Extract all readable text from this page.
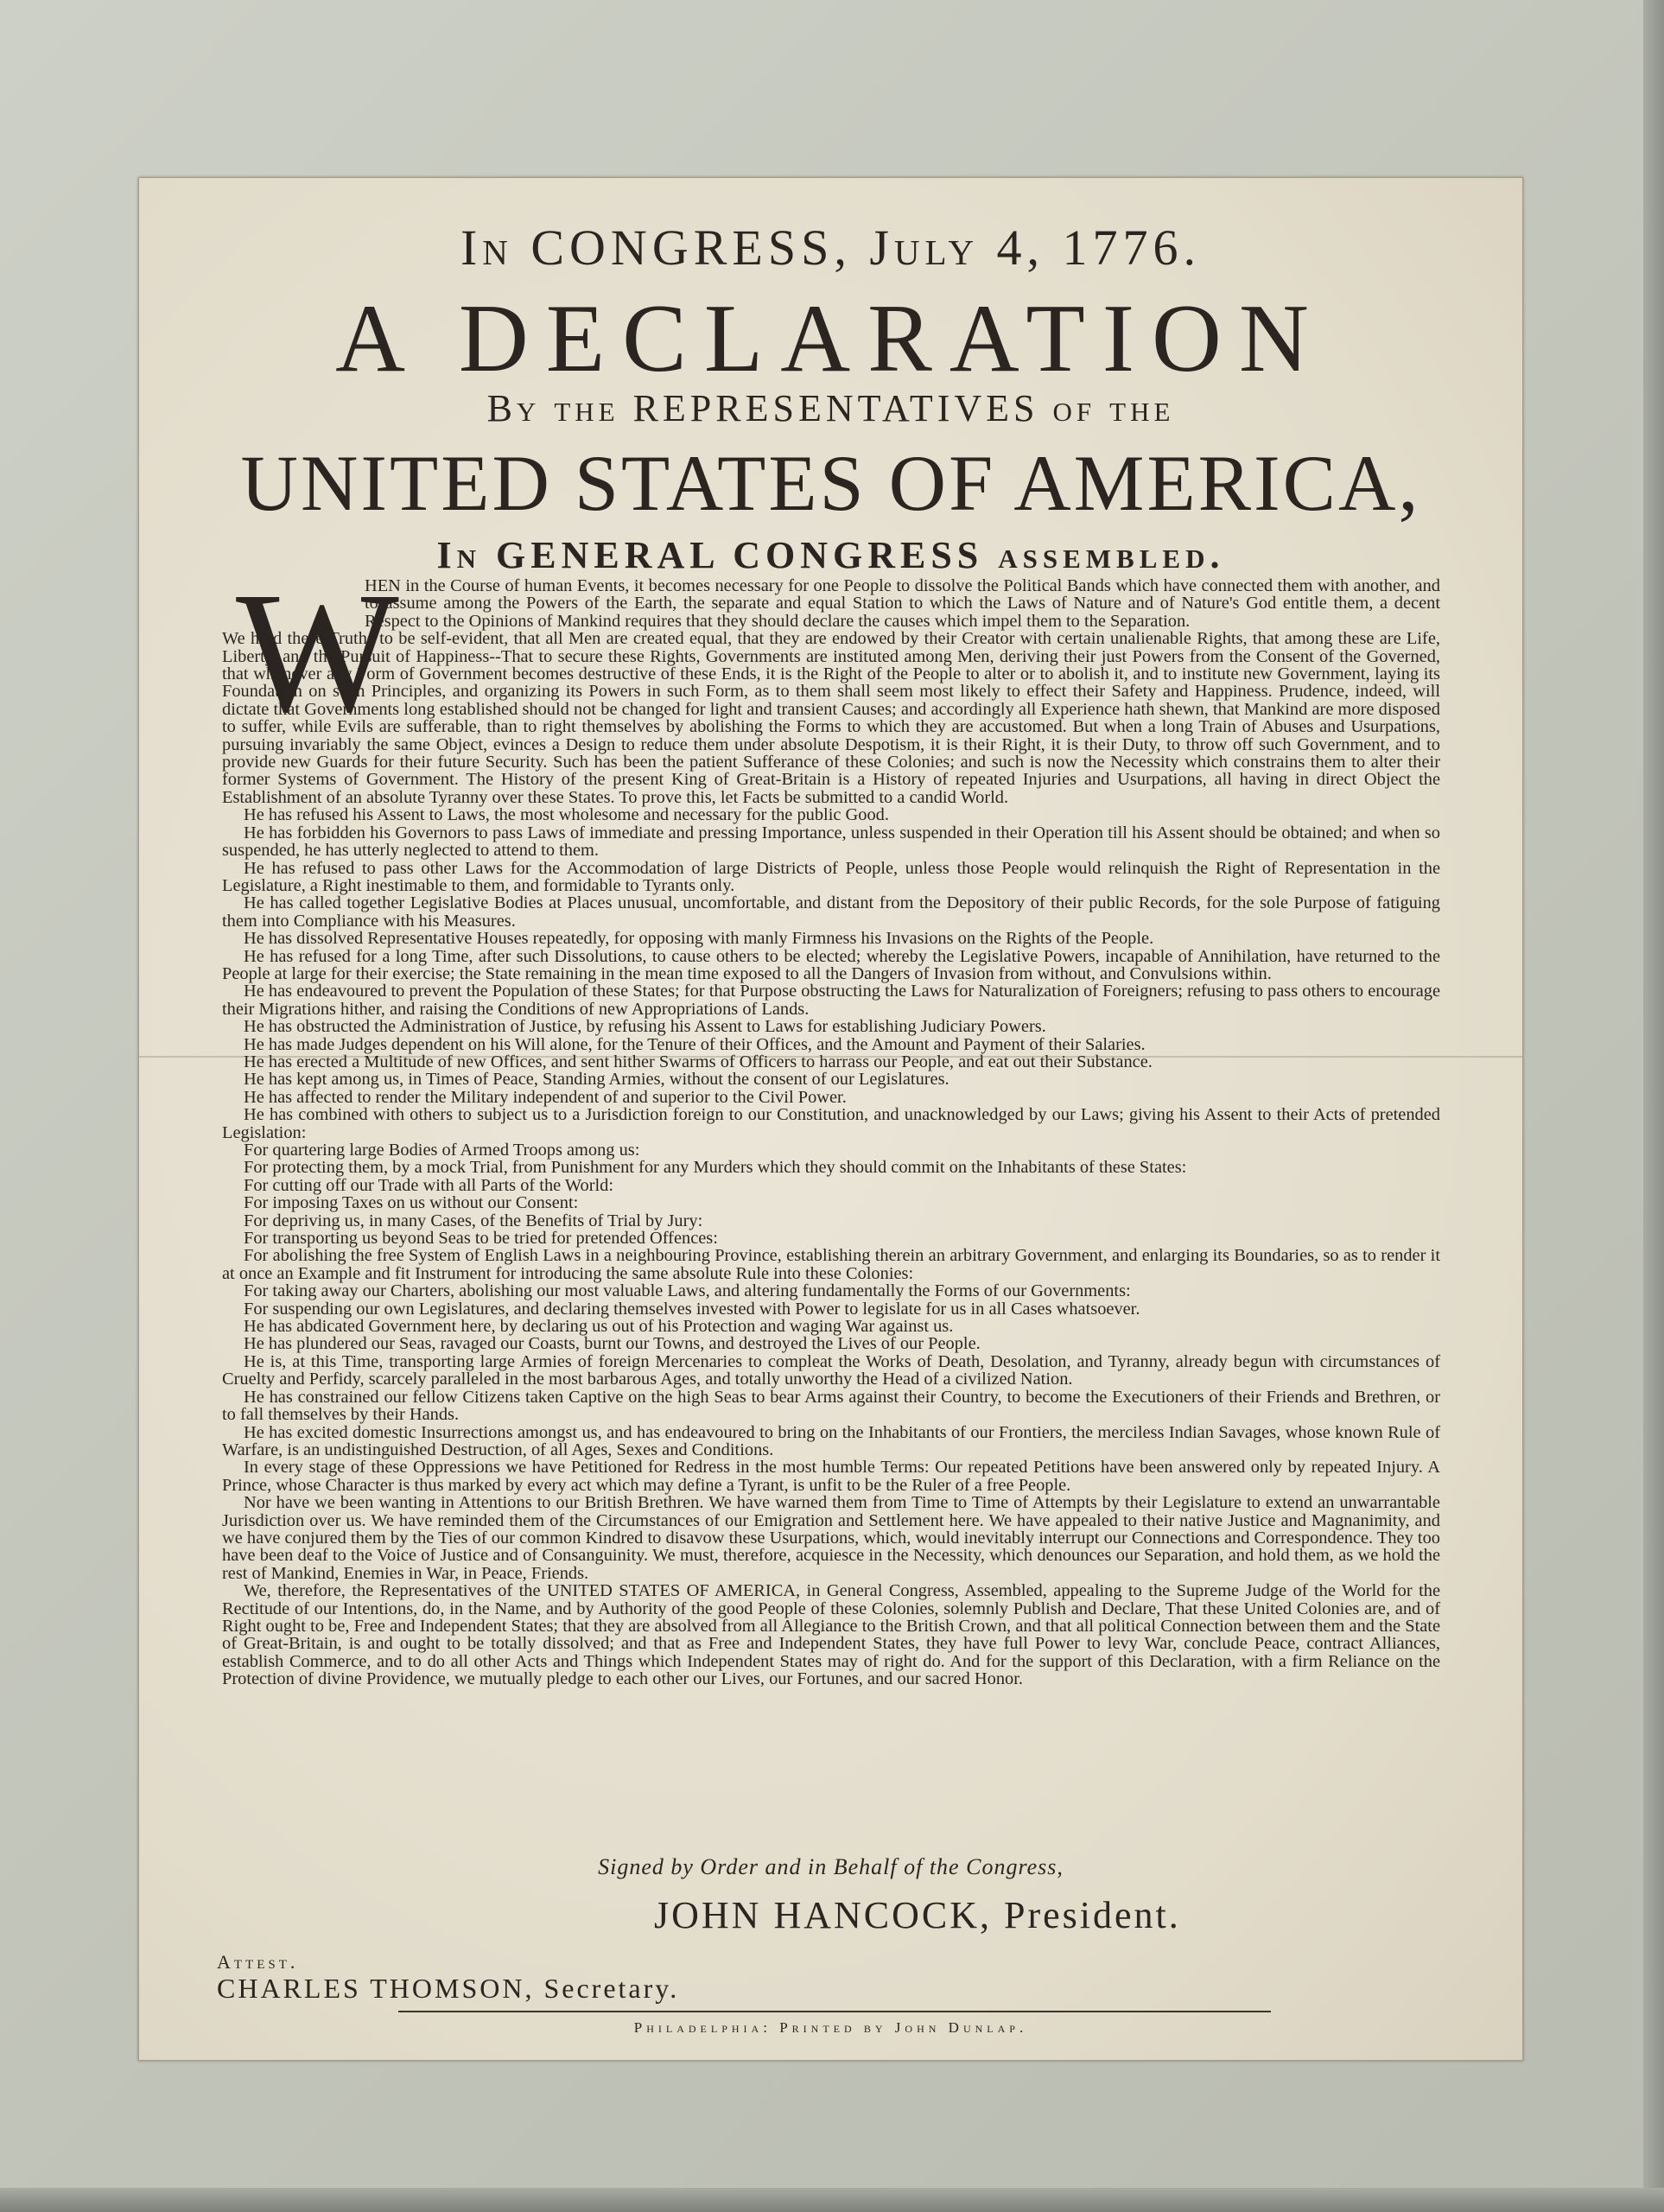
In CONGRESS, July 4, 1776.
A DECLARATION
By the REPRESENTATIVES of the
UNITED STATES OF AMERICA,
In GENERAL CONGRESS assembled.
W

HEN in the Course of human Events, it becomes necessary for one People to dissolve the Political Bands which have connected them with another, and to assume among the Powers of the Earth, the separate and equal Station to which the Laws of Nature and of Nature's God entitle them, a decent Respect to the Opinions of Mankind requires that they should declare the causes which impel them to the Separation.

We hold these Truths to be self-evident, that all Men are created equal, that they are endowed by their Creator with certain unalienable Rights, that among these are Life, Liberty, and the Pursuit of Happiness--That to secure these Rights, Governments are instituted among Men, deriving their just Powers from the Consent of the Governed, that whenever any Form of Government becomes destructive of these Ends, it is the Right of the People to alter or to abolish it, and to institute new Government, laying its Foundation on such Principles, and organizing its Powers in such Form, as to them shall seem most likely to effect their Safety and Happiness. Prudence, indeed, will dictate that Governments long established should not be changed for light and transient Causes; and accordingly all Experience hath shewn, that Mankind are more disposed to suffer, while Evils are sufferable, than to right themselves by abolishing the Forms to which they are accustomed. But when a long Train of Abuses and Usurpations, pursuing invariably the same Object, evinces a Design to reduce them under absolute Despotism, it is their Right, it is their Duty, to throw off such Government, and to provide new Guards for their future Security. Such has been the patient Sufferance of these Colonies; and such is now the Necessity which constrains them to alter their former Systems of Government. The History of the present King of Great-Britain is a History of repeated Injuries and Usurpations, all having in direct Object the Establishment of an absolute Tyranny over these States. To prove this, let Facts be submitted to a candid World.

He has refused his Assent to Laws, the most wholesome and necessary for the public Good.

He has forbidden his Governors to pass Laws of immediate and pressing Importance, unless suspended in their Operation till his Assent should be obtained; and when so suspended, he has utterly neglected to attend to them.

He has refused to pass other Laws for the Accommodation of large Districts of People, unless those People would relinquish the Right of Representation in the Legislature, a Right inestimable to them, and formidable to Tyrants only.

He has called together Legislative Bodies at Places unusual, uncomfortable, and distant from the Depository of their public Records, for the sole Purpose of fatiguing them into Compliance with his Measures.

He has dissolved Representative Houses repeatedly, for opposing with manly Firmness his Invasions on the Rights of the People.

He has refused for a long Time, after such Dissolutions, to cause others to be elected; whereby the Legislative Powers, incapable of Annihilation, have returned to the People at large for their exercise; the State remaining in the mean time exposed to all the Dangers of Invasion from without, and Convulsions within.

He has endeavoured to prevent the Population of these States; for that Purpose obstructing the Laws for Naturalization of Foreigners; refusing to pass others to encourage their Migrations hither, and raising the Conditions of new Appropriations of Lands.

He has obstructed the Administration of Justice, by refusing his Assent to Laws for establishing Judiciary Powers.

He has made Judges dependent on his Will alone, for the Tenure of their Offices, and the Amount and Payment of their Salaries.

He has erected a Multitude of new Offices, and sent hither Swarms of Officers to harrass our People, and eat out their Substance.

He has kept among us, in Times of Peace, Standing Armies, without the consent of our Legislatures.

He has affected to render the Military independent of and superior to the Civil Power.

He has combined with others to subject us to a Jurisdiction foreign to our Constitution, and unacknowledged by our Laws; giving his Assent to their Acts of pretended Legislation:

For quartering large Bodies of Armed Troops among us:

For protecting them, by a mock Trial, from Punishment for any Murders which they should commit on the Inhabitants of these States:

For cutting off our Trade with all Parts of the World:

For imposing Taxes on us without our Consent:

For depriving us, in many Cases, of the Benefits of Trial by Jury:

For transporting us beyond Seas to be tried for pretended Offences:

For abolishing the free System of English Laws in a neighbouring Province, establishing therein an arbitrary Government, and enlarging its Boundaries, so as to render it at once an Example and fit Instrument for introducing the same absolute Rule into these Colonies:

For taking away our Charters, abolishing our most valuable Laws, and altering fundamentally the Forms of our Governments:

For suspending our own Legislatures, and declaring themselves invested with Power to legislate for us in all Cases whatsoever.

He has abdicated Government here, by declaring us out of his Protection and waging War against us.

He has plundered our Seas, ravaged our Coasts, burnt our Towns, and destroyed the Lives of our People.

He is, at this Time, transporting large Armies of foreign Mercenaries to compleat the Works of Death, Desolation, and Tyranny, already begun with circumstances of Cruelty and Perfidy, scarcely paralleled in the most barbarous Ages, and totally unworthy the Head of a civilized Nation.

He has constrained our fellow Citizens taken Captive on the high Seas to bear Arms against their Country, to become the Executioners of their Friends and Brethren, or to fall themselves by their Hands.

He has excited domestic Insurrections amongst us, and has endeavoured to bring on the Inhabitants of our Frontiers, the merciless Indian Savages, whose known Rule of Warfare, is an undistinguished Destruction, of all Ages, Sexes and Conditions.

In every stage of these Oppressions we have Petitioned for Redress in the most humble Terms: Our repeated Petitions have been answered only by repeated Injury. A Prince, whose Character is thus marked by every act which may define a Tyrant, is unfit to be the Ruler of a free People.

Nor have we been wanting in Attentions to our British Brethren. We have warned them from Time to Time of Attempts by their Legislature to extend an unwarrantable Jurisdiction over us. We have reminded them of the Circumstances of our Emigration and Settlement here. We have appealed to their native Justice and Magnanimity, and we have conjured them by the Ties of our common Kindred to disavow these Usurpations, which, would inevitably interrupt our Connections and Correspondence. They too have been deaf to the Voice of Justice and of Consanguinity. We must, therefore, acquiesce in the Necessity, which denounces our Separation, and hold them, as we hold the rest of Mankind, Enemies in War, in Peace, Friends.

We, therefore, the Representatives of the UNITED STATES OF AMERICA, in General Congress, Assembled, appealing to the Supreme Judge of the World for the Rectitude of our Intentions, do, in the Name, and by Authority of the good People of these Colonies, solemnly Publish and Declare, That these United Colonies are, and of Right ought to be, Free and Independent States; that they are absolved from all Allegiance to the British Crown, and that all political Connection between them and the State of Great-Britain, is and ought to be totally dissolved; and that as Free and Independent States, they have full Power to levy War, conclude Peace, contract Alliances, establish Commerce, and to do all other Acts and Things which Independent States may of right do. And for the support of this Declaration, with a firm Reliance on the Protection of divine Providence, we mutually pledge to each other our Lives, our Fortunes, and our sacred Honor.

Signed by Order and in Behalf of the Congress,
JOHN HANCOCK, President.
Attest.
CHARLES THOMSON, Secretary.
Philadelphia: Printed by John Dunlap.
